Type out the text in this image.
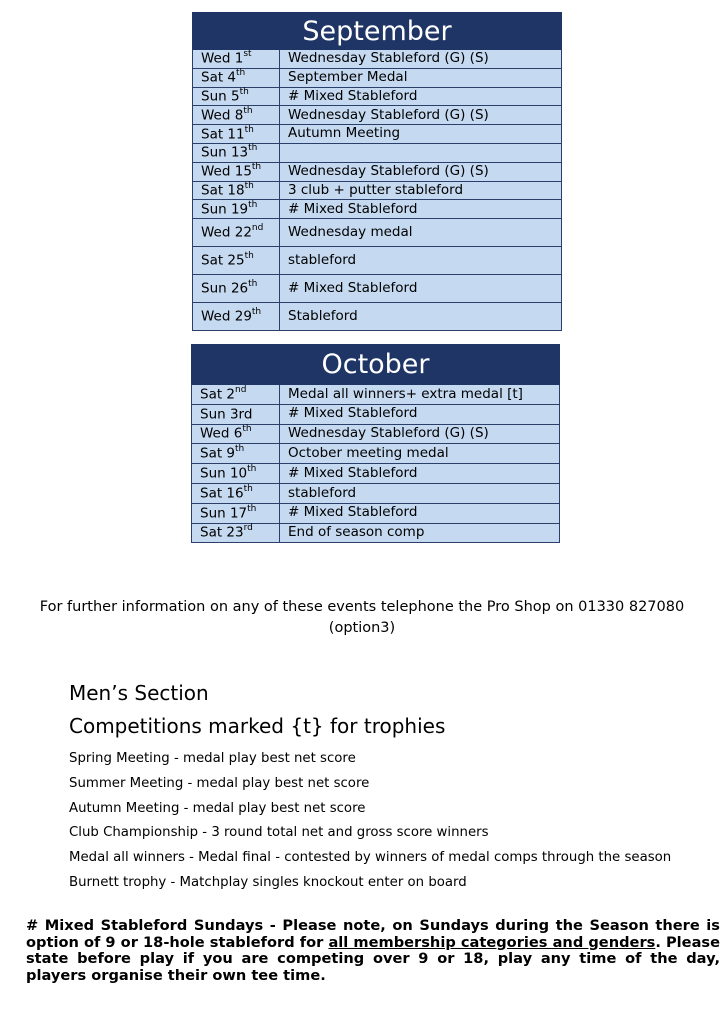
September	
Wed 1st	Wednesday Stableford (G) (S)
Sat 4th	September Medal
Sun 5th	# Mixed Stableford
Wed 8th	Wednesday Stableford (G) (S)
Sat 11th	Autumn Meeting
Sun 13th	
Wed 15th	Wednesday Stableford (G) (S)
Sat 18th	3 club + putter stableford
Sun 19th	# Mixed Stableford
Wed 22nd	Wednesday medal
Sat 25th	stableford
Sun 26th	# Mixed Stableford
Wed 29th	Stableford
October	
Sat 2nd	Medal all winners+ extra medal [t]
Sun 3rd	# Mixed Stableford
Wed 6th	Wednesday Stableford (G) (S)
Sat 9th	October meeting medal
Sun 10th	# Mixed Stableford
Sat 16th	stableford
Sun 17th	# Mixed Stableford
Sat 23rd	End of season comp
For further information on any of these events telephone the Pro Shop on 01330 827080
(option3)

Men’s Section

Competitions marked {t} for trophies

Spring Meeting - medal play best net score
Summer Meeting - medal play best net score
Autumn Meeting - medal play best net score
Club Championship - 3 round total net and gross score winners
Medal all winners - Medal final - contested by winners of medal comps through the season
Burnett trophy - Matchplay singles knockout enter on board
# Mixed Stableford Sundays - Please note, on Sundays during the Season there is option of 9 or 18-hole stableford for all membership categories and genders. Please state before play if you are competing over 9 or 18, play any time of the day, players organise their own tee time.
